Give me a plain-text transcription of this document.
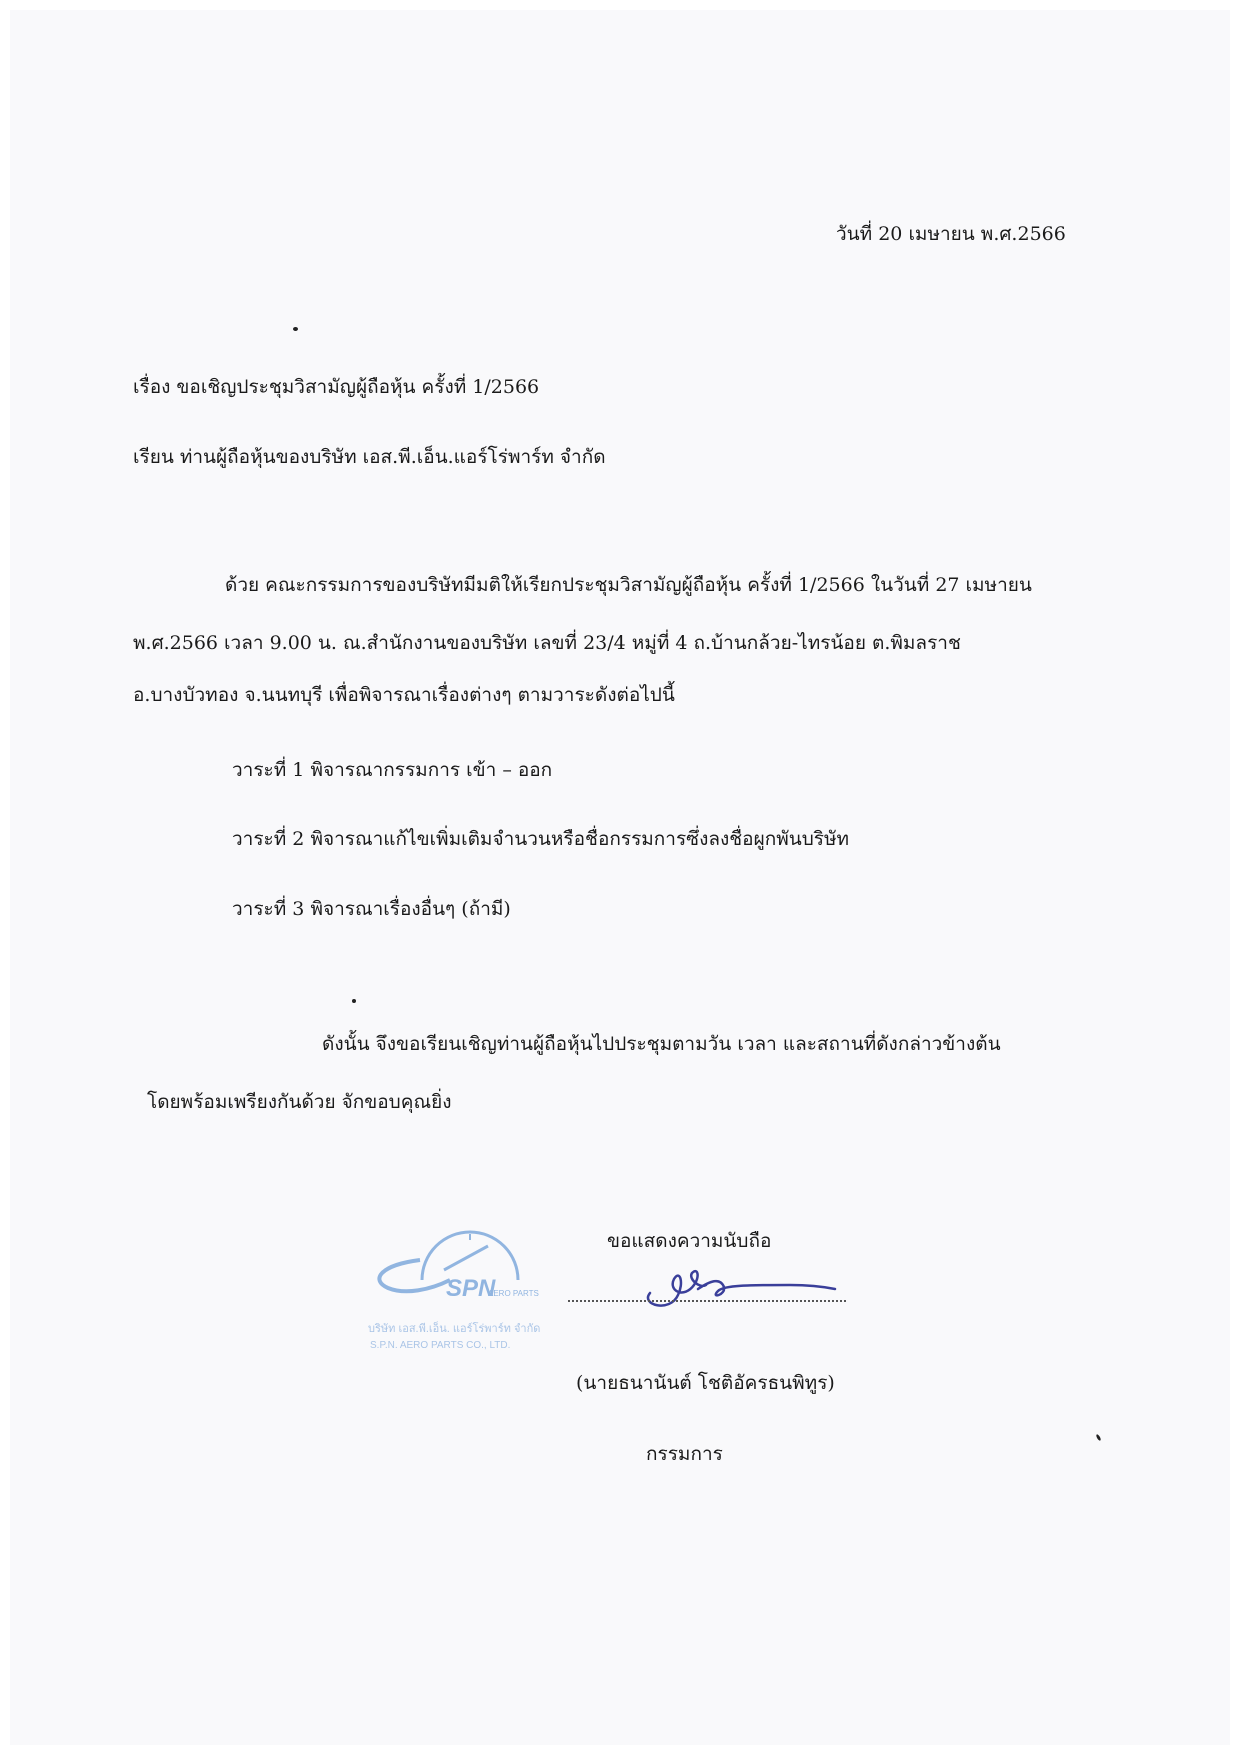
วันที่ 20 เมษายน พ.ศ.2566
เรื่อง ขอเชิญประชุมวิสามัญผู้ถือหุ้น ครั้งที่ 1/2566
เรียน ท่านผู้ถือหุ้นของบริษัท เอส.พี.เอ็น.แอร์โร่พาร์ท จำกัด
ด้วย คณะกรรมการของบริษัทมีมติให้เรียกประชุมวิสามัญผู้ถือหุ้น ครั้งที่ 1/2566 ในวันที่ 27 เมษายน
พ.ศ.2566 เวลา 9.00 น. ณ.สำนักงานของบริษัท เลขที่ 23/4 หมู่ที่ 4 ถ.บ้านกล้วย-ไทรน้อย ต.พิมลราช
อ.บางบัวทอง จ.นนทบุรี เพื่อพิจารณาเรื่องต่างๆ ตามวาระดังต่อไปนี้
วาระที่ 1 พิจารณากรรมการ เข้า – ออก
วาระที่ 2 พิจารณาแก้ไขเพิ่มเติมจำนวนหรือชื่อกรรมการซึ่งลงชื่อผูกพันบริษัท
วาระที่ 3 พิจารณาเรื่องอื่นๆ (ถ้ามี)
ดังนั้น จึงขอเรียนเชิญท่านผู้ถือหุ้นไปประชุมตามวัน เวลา และสถานที่ดังกล่าวข้างต้น
โดยพร้อมเพรียงกันด้วย จักขอบคุณยิ่ง
SPN
AERO PARTS
บริษัท เอส.พี.เอ็น. แอร์โร่พาร์ท จำกัด
S.P.N. AERO PARTS CO., LTD.
ขอแสดงความนับถือ
(นายธนานันต์ โชติอัครธนพิทูร)
กรรมการ
